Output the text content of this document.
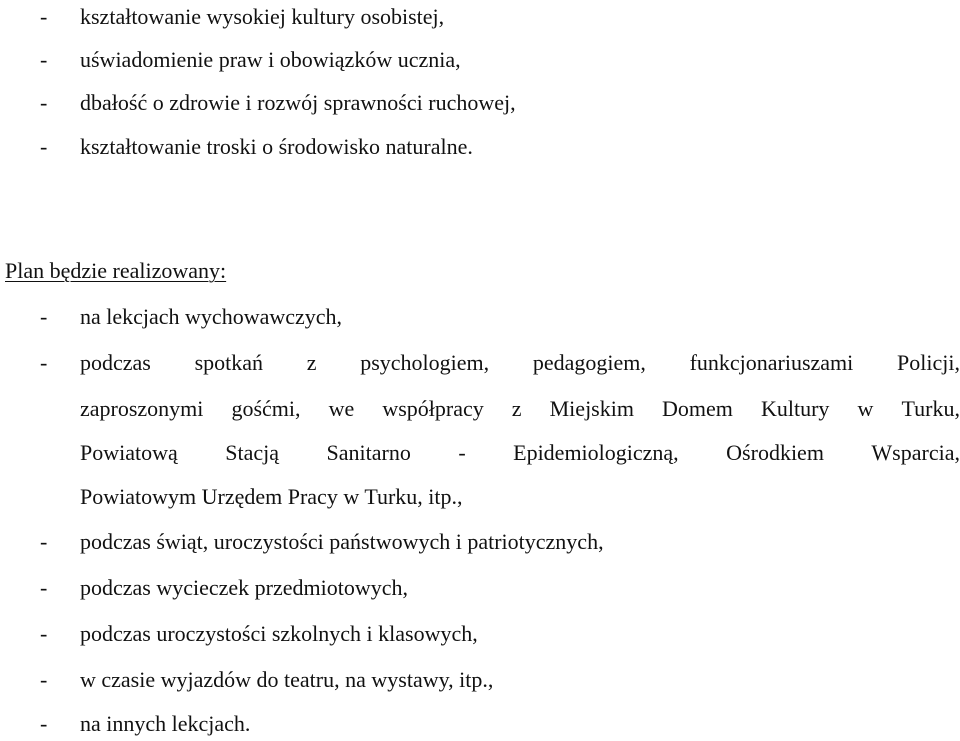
- kształtowanie wysokiej kultury osobistej,
- uświadomienie praw i obowiązków ucznia,
- dbałość o zdrowie i rozwój sprawności ruchowej,
- kształtowanie troski o środowisko naturalne.
Plan będzie realizowany:
- na lekcjach wychowawczych,
- podczas spotkań z psychologiem, pedagogiem, funkcjonariuszami Policji,
zaproszonymi gośćmi, we współpracy z Miejskim Domem Kultury w Turku,
Powiatową Stacją Sanitarno - Epidemiologiczną, Ośrodkiem Wsparcia,
Powiatowym Urzędem Pracy w Turku, itp.,
- podczas świąt, uroczystości państwowych i patriotycznych,
- podczas wycieczek przedmiotowych,
- podczas uroczystości szkolnych i klasowych,
- w czasie wyjazdów do teatru, na wystawy, itp.,
- na innych lekcjach.
